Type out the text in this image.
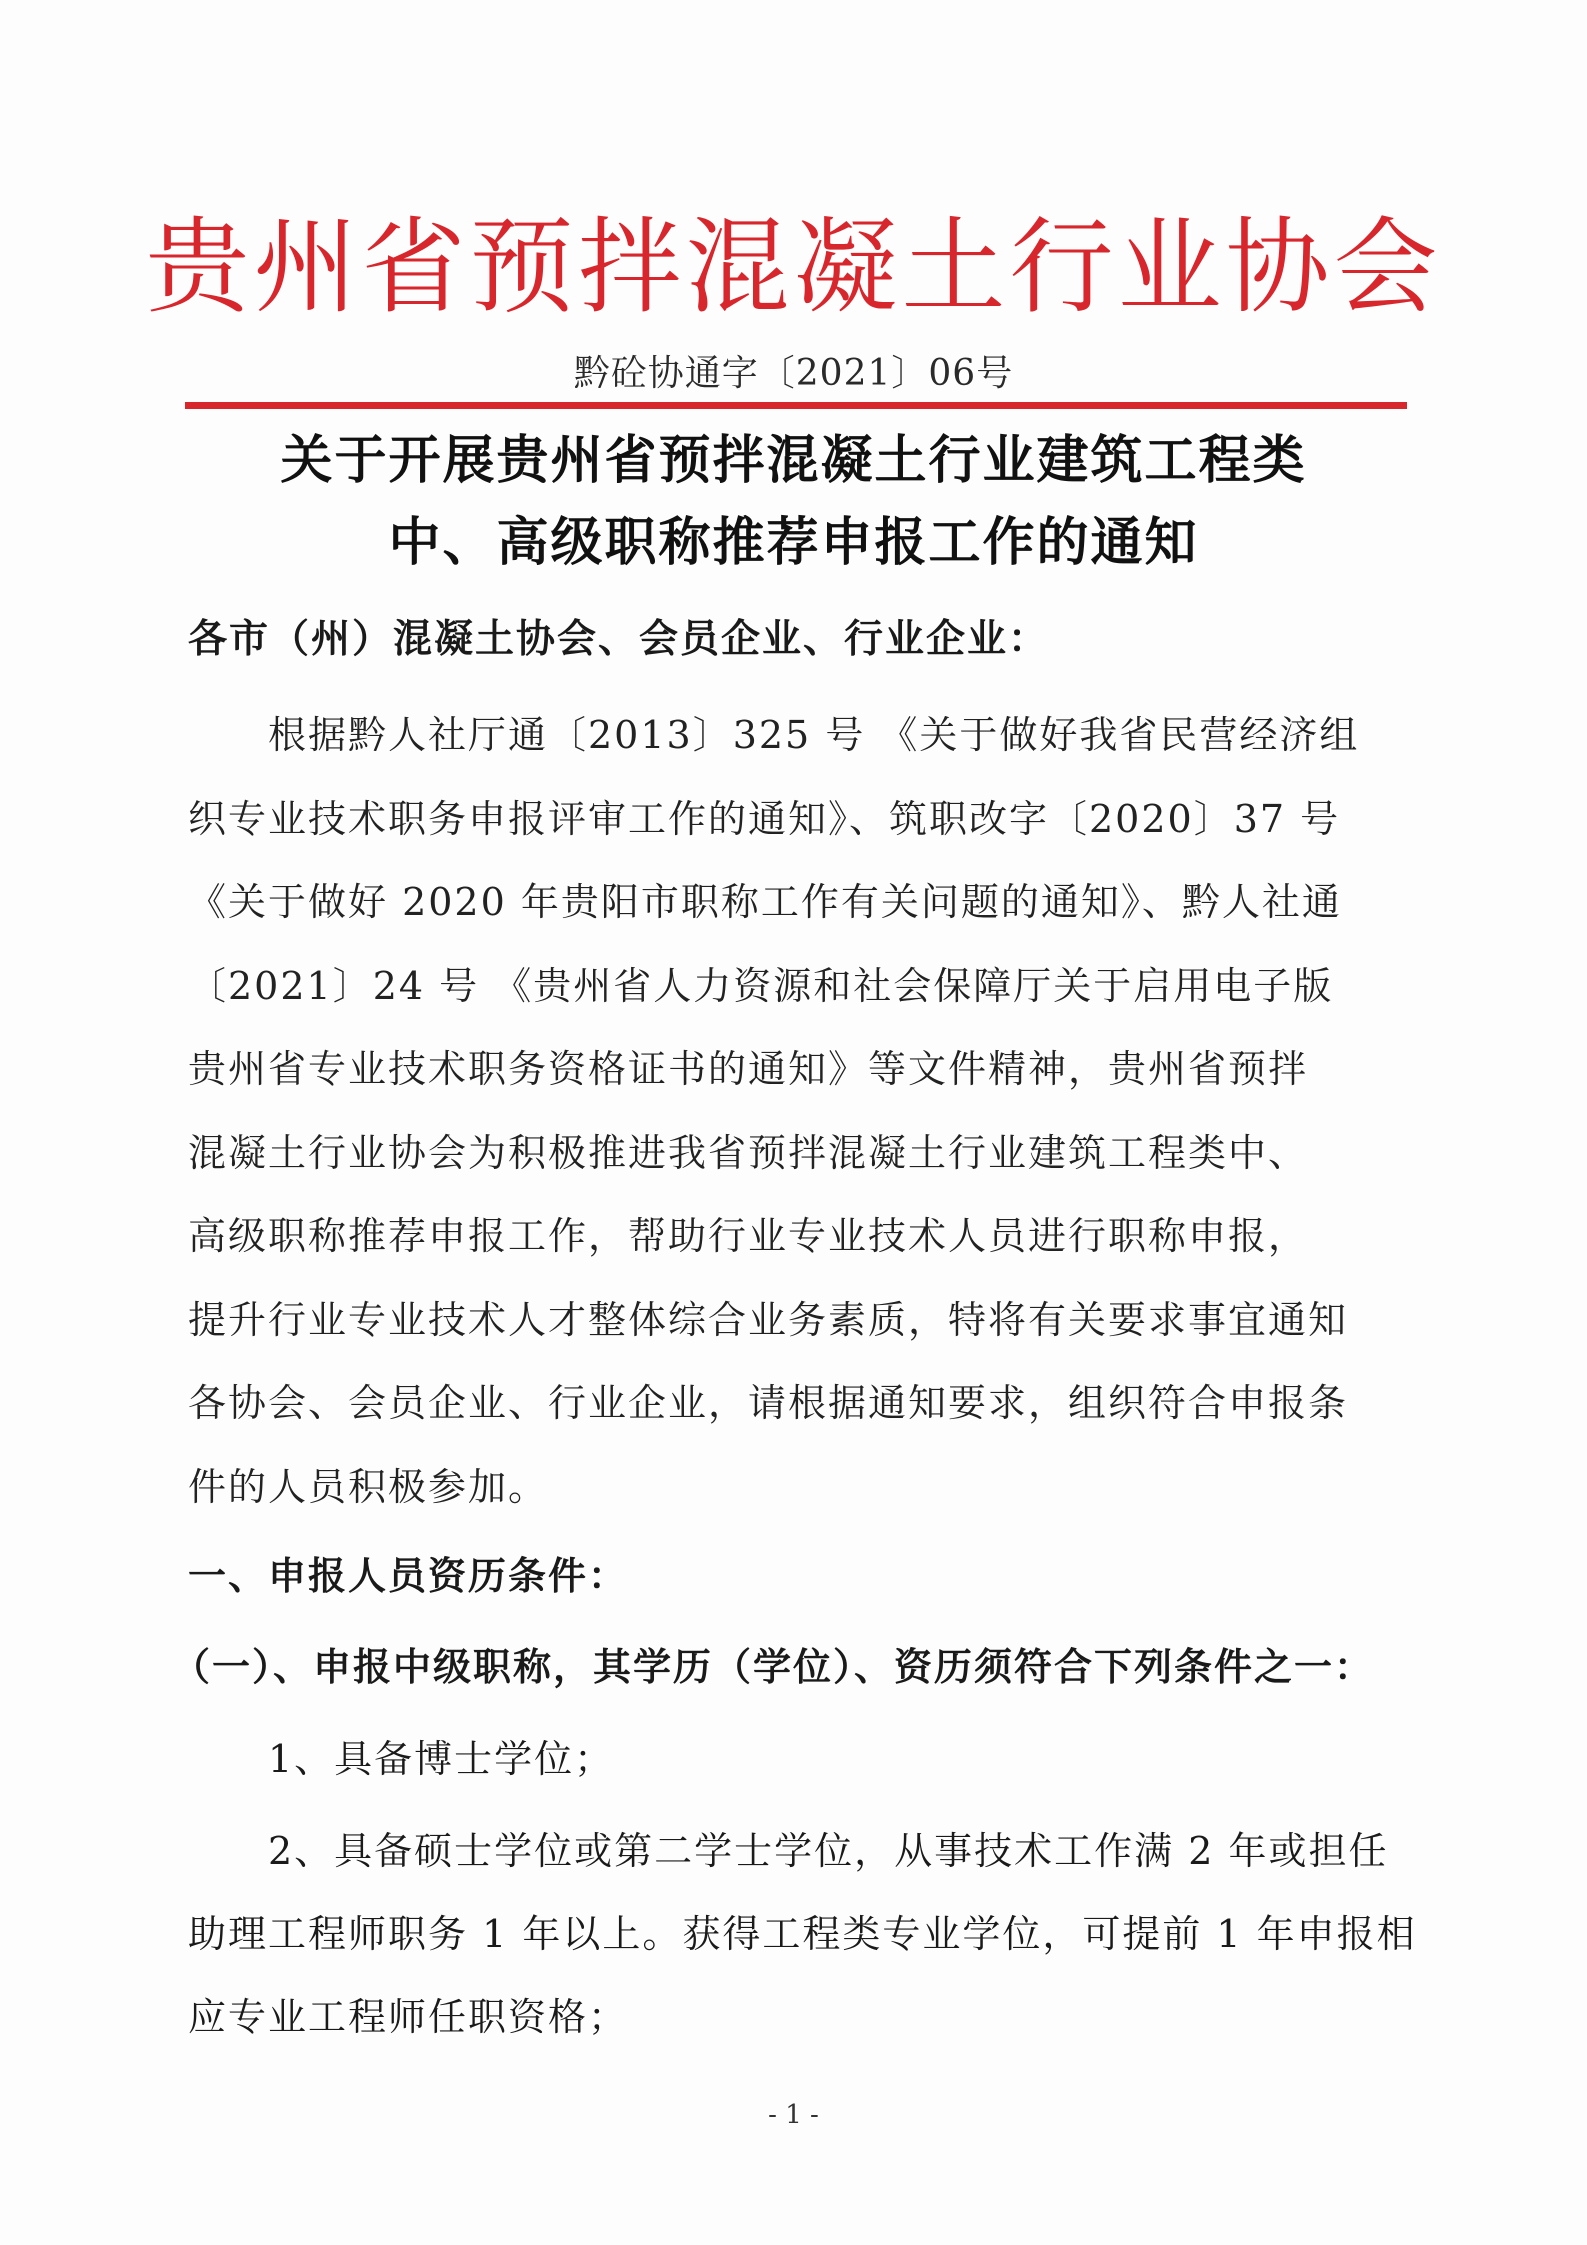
贵州省预拌混凝土行业协会
黔砼协通字〔2021〕06号
关于开展贵州省预拌混凝土行业建筑工程类
中、高级职称推荐申报工作的通知
各市（州）混凝土协会、会员企业、行业企业：
　　根据黔人社厅通〔2013〕325 号 《关于做好我省民营经济组
织专业技术职务申报评审工作的通知》、筑职改字〔2020〕37 号
《关于做好 2020 年贵阳市职称工作有关问题的通知》、黔人社通
〔2021〕24 号 《贵州省人力资源和社会保障厅关于启用电子版
贵州省专业技术职务资格证书的通知》等文件精神，贵州省预拌
混凝土行业协会为积极推进我省预拌混凝土行业建筑工程类中、
高级职称推荐申报工作，帮助行业专业技术人员进行职称申报，
提升行业专业技术人才整体综合业务素质，特将有关要求事宜通知
各协会、会员企业、行业企业，请根据通知要求，组织符合申报条
件的人员积极参加。
一、申报人员资历条件：
（一）、申报中级职称，其学历（学位）、资历须符合下列条件之一：
　　1、具备博士学位；
　　2、具备硕士学位或第二学士学位，从事技术工作满 2 年或担任
助理工程师职务 1 年以上。获得工程类专业学位，可提前 1 年申报相
应专业工程师任职资格；
- 1 -
